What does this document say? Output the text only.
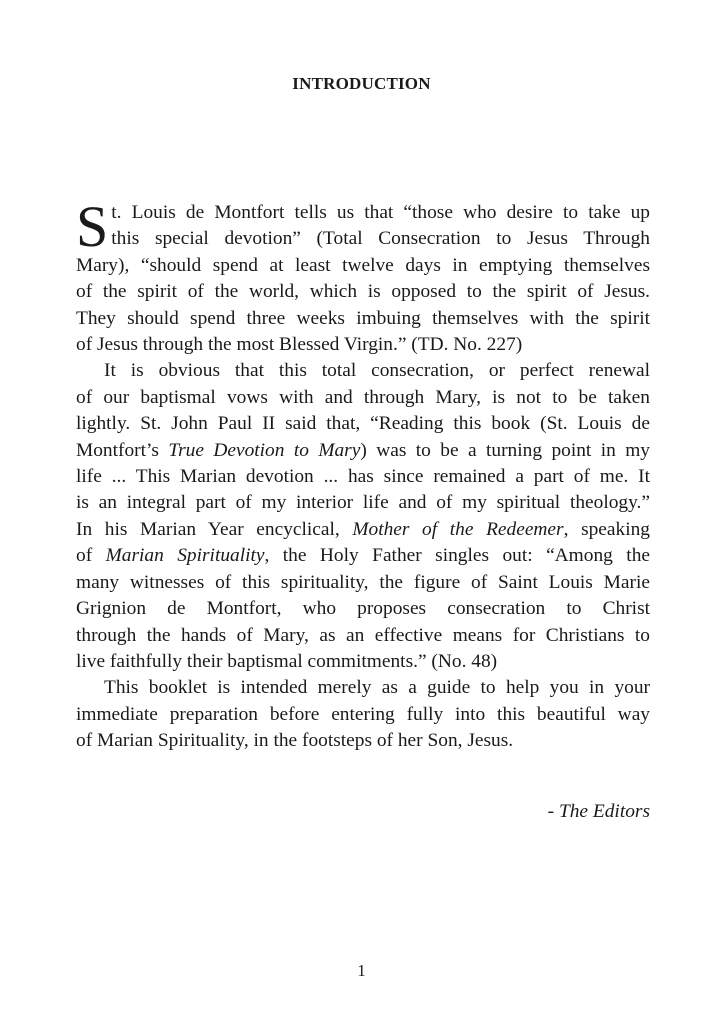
INTRODUCTION
S t. Louis de Montfort tells us that “those who desire to take up
this special devotion” (Total Consecration to Jesus Through
Mary), “should spend at least twelve days in emptying themselves
of the spirit of the world, which is opposed to the spirit of Jesus.
They should spend three weeks imbuing themselves with the spirit
of Jesus through the most Blessed Virgin.” (TD. No. 227)
It is obvious that this total consecration, or perfect renewal
of our baptismal vows with and through Mary, is not to be taken
lightly. St. John Paul II said that, “Reading this book (St. Louis de
Montfort’s True Devotion to Mary) was to be a turning point in my
life ... This Marian devotion ... has since remained a part of me. It
is an integral part of my interior life and of my spiritual theology.”
In his Marian Year encyclical, Mother of the Redeemer, speaking
of Marian Spirituality, the Holy Father singles out: “Among the
many witnesses of this spirituality, the figure of Saint Louis Marie
Grignion de Montfort, who proposes consecration to Christ
through the hands of Mary, as an effective means for Christians to
live faithfully their baptismal commitments.” (No. 48)
This booklet is intended merely as a guide to help you in your
immediate preparation before entering fully into this beautiful way
of Marian Spirituality, in the footsteps of her Son, Jesus.
- The Editors
1
